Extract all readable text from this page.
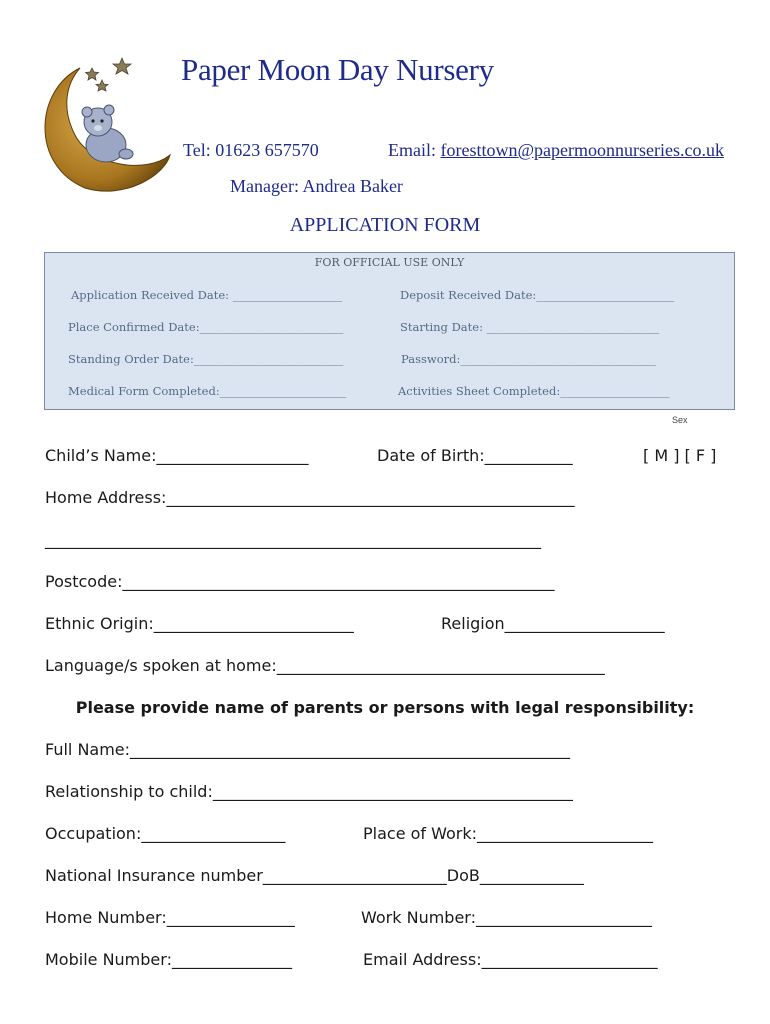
Paper Moon Day Nursery
Tel: 01623 657570	Email: foresttown@papermoonnurseries.co.uk
Manager: Andrea Baker
APPLICATION FORM
FOR OFFICIAL USE ONLY
Application Received Date: ___________________	Deposit Received Date:________________________
Place Confirmed Date:_________________________	Starting Date: ______________________________
Standing Order Date:__________________________	Password:__________________________________
Medical Form Completed:______________________	Activities Sheet Completed:___________________
Sex
Child’s Name:___________________	Date of Birth:___________	[ M ] [ F ]
Home Address:___________________________________________________
______________________________________________________________
Postcode:______________________________________________________
Ethnic Origin:_________________________	Religion____________________
Language/s spoken at home:_________________________________________
Please provide name of parents or persons with legal responsibility:
Full Name:_______________________________________________________
Relationship to child:_____________________________________________
Occupation:__________________	Place of Work:______________________
National Insurance number_______________________DoB_____________
Home Number:________________	Work Number:______________________
Mobile Number:_______________	Email Address:______________________
